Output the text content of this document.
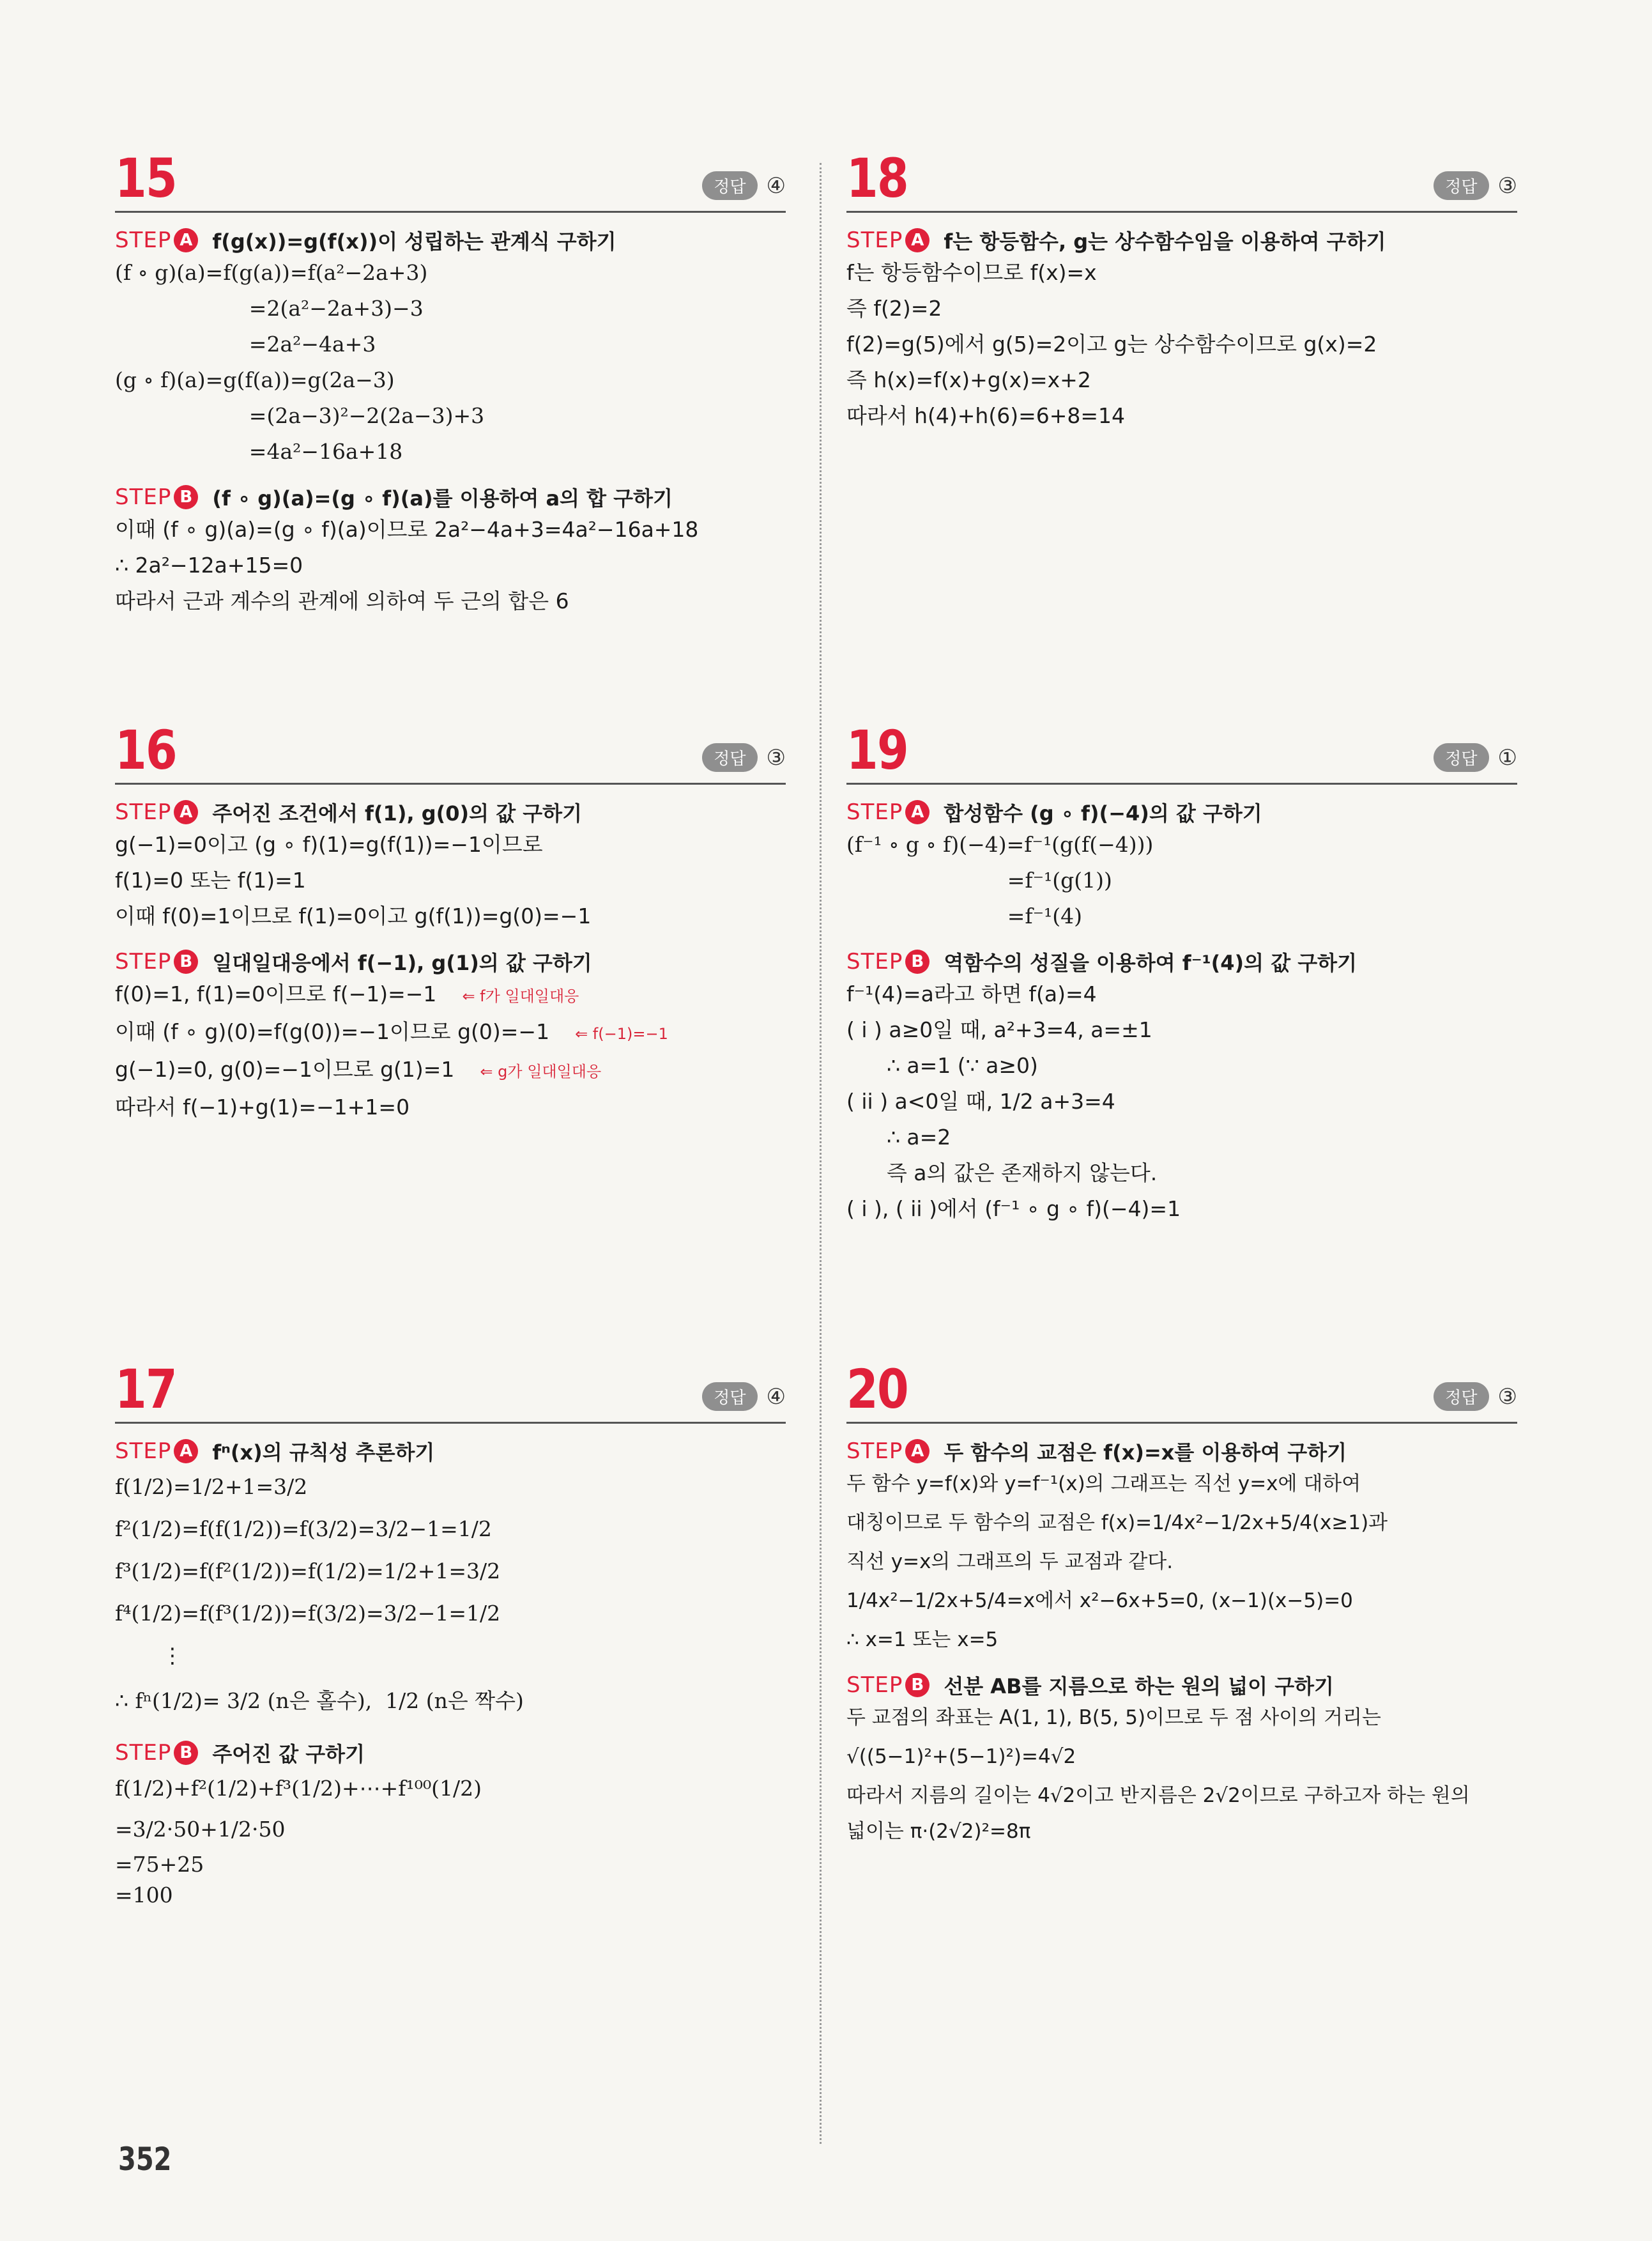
15	정답 ④
STEP A f(g(x))=g(f(x))이 성립하는 관계식 구하기
(f ∘ g)(a)=f(g(a))=f(a²−2a+3)
=2(a²−2a+3)−3
=2a²−4a+3
(g ∘ f)(a)=g(f(a))=g(2a−3)
=(2a−3)²−2(2a−3)+3
=4a²−16a+18
STEP B (f ∘ g)(a)=(g ∘ f)(a)를 이용하여 a의 합 구하기
이때 (f ∘ g)(a)=(g ∘ f)(a)이므로 2a²−4a+3=4a²−16a+18
∴ 2a²−12a+15=0
따라서 근과 계수의 관계에 의하여 두 근의 합은 6
16	정답 ③
STEP A 주어진 조건에서 f(1), g(0)의 값 구하기
g(−1)=0이고 (g ∘ f)(1)=g(f(1))=−1이므로
f(1)=0 또는 f(1)=1
이때 f(0)=1이므로 f(1)=0이고 g(f(1))=g(0)=−1
STEP B 일대일대응에서 f(−1), g(1)의 값 구하기
f(0)=1, f(1)=0이므로 f(−1)=−1 ⇐ f가 일대일대응
이때 (f ∘ g)(0)=f(g(0))=−1이므로 g(0)=−1 ⇐ f(−1)=−1
g(−1)=0, g(0)=−1이므로 g(1)=1 ⇐ g가 일대일대응
따라서 f(−1)+g(1)=−1+1=0
17	정답 ④
STEP A fⁿ(x)의 규칙성 추론하기
f(1/2)=1/2+1=3/2
f²(1/2)=f(f(1/2))=f(3/2)=3/2−1=1/2
f³(1/2)=f(f²(1/2))=f(1/2)=1/2+1=3/2
f⁴(1/2)=f(f³(1/2))=f(3/2)=3/2−1=1/2
⋮
∴ fⁿ(1/2)= 3/2 (n은 홀수),  1/2 (n은 짝수)
STEP B 주어진 값 구하기
f(1/2)+f²(1/2)+f³(1/2)+⋯+f¹⁰⁰(1/2)
=3/2·50+1/2·50
=75+25
=100
18	정답 ③
STEP A f는 항등함수, g는 상수함수임을 이용하여 구하기
f는 항등함수이므로 f(x)=x
즉 f(2)=2
f(2)=g(5)에서 g(5)=2이고 g는 상수함수이므로 g(x)=2
즉 h(x)=f(x)+g(x)=x+2
따라서 h(4)+h(6)=6+8=14
19	정답 ①
STEP A 합성함수 (g ∘ f)(−4)의 값 구하기
(f⁻¹ ∘ g ∘ f)(−4)=f⁻¹(g(f(−4)))
=f⁻¹(g(1))
=f⁻¹(4)
STEP B 역함수의 성질을 이용하여 f⁻¹(4)의 값 구하기
f⁻¹(4)=a라고 하면 f(a)=4
( i ) a≥0일 때, a²+3=4, a=±1
∴ a=1 (∵ a≥0)
( ii ) a<0일 때, 1/2 a+3=4
∴ a=2
즉 a의 값은 존재하지 않는다.
( i ), ( ii )에서 (f⁻¹ ∘ g ∘ f)(−4)=1
20	정답 ③
STEP A 두 함수의 교점은 f(x)=x를 이용하여 구하기
두 함수 y=f(x)와 y=f⁻¹(x)의 그래프는 직선 y=x에 대하여
대칭이므로 두 함수의 교점은 f(x)=1/4x²−1/2x+5/4(x≥1)과
직선 y=x의 그래프의 두 교점과 같다.
1/4x²−1/2x+5/4=x에서 x²−6x+5=0, (x−1)(x−5)=0
∴ x=1 또는 x=5
STEP B 선분 AB를 지름으로 하는 원의 넓이 구하기
두 교점의 좌표는 A(1, 1), B(5, 5)이므로 두 점 사이의 거리는
√((5−1)²+(5−1)²)=4√2
따라서 지름의 길이는 4√2이고 반지름은 2√2이므로 구하고자 하는 원의
넓이는 π·(2√2)²=8π
352
